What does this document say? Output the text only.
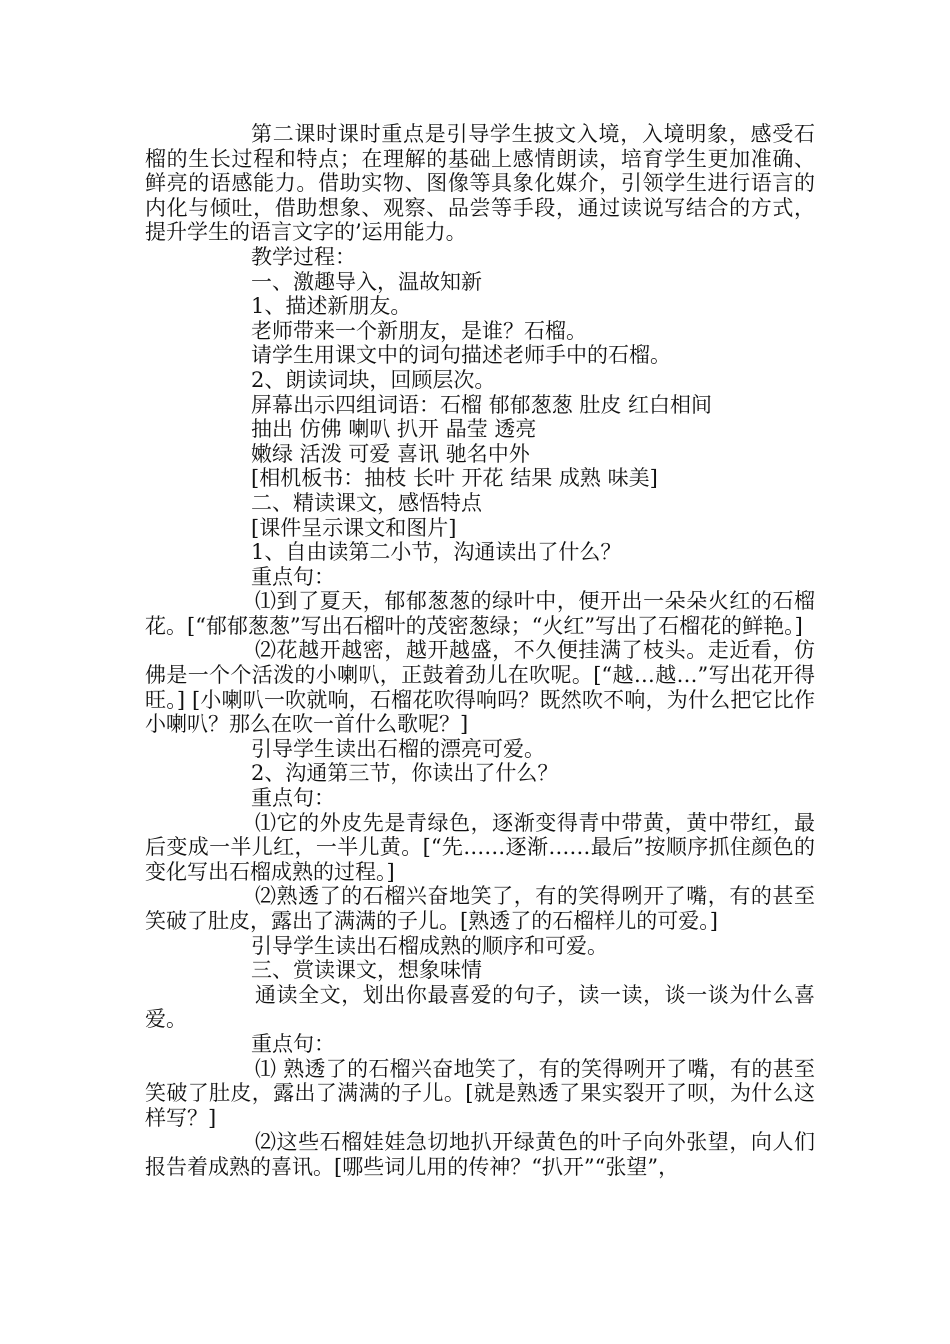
第二课时课时重点是引导学生披文入境，入境明象，感受石榴的生长过程和特点；在理解的基础上感情朗读，培育学生更加准确、鲜亮的语感能力。借助实物、图像等具象化媒介，引领学生进行语言的内化与倾吐，借助想象、观察、品尝等手段，通过读说写结合的方式，提升学生的语言文字的’运用能力。

教学过程：

一、激趣导入，温故知新

1、描述新朋友。

老师带来一个新朋友，是谁？石榴。

请学生用课文中的词句描述老师手中的石榴。

2、朗读词块，回顾层次。

屏幕出示四组词语：石榴 郁郁葱葱 肚皮 红白相间

抽出 仿佛 喇叭 扒开 晶莹 透亮

嫩绿 活泼 可爱 喜讯 驰名中外

[相机板书：抽枝 长叶 开花 结果 成熟 味美]

二、精读课文，感悟特点

[课件呈示课文和图片]

1、自由读第二小节，沟通读出了什么？

重点句：

⑴到了夏天，郁郁葱葱的绿叶中，便开出一朵朵火红的石榴花。[“郁郁葱葱”写出石榴叶的茂密葱绿；“火红”写出了石榴花的鲜艳。]

⑵花越开越密，越开越盛，不久便挂满了枝头。走近看，仿佛是一个个活泼的小喇叭，正鼓着劲儿在吹呢。[“越…越…”写出花开得旺。] [小喇叭一吹就响，石榴花吹得响吗？既然吹不响，为什么把它比作小喇叭？那么在吹一首什么歌呢？]

引导学生读出石榴的漂亮可爱。

2、沟通第三节，你读出了什么？

重点句：

⑴它的外皮先是青绿色，逐渐变得青中带黄，黄中带红，最后变成一半儿红，一半儿黄。[“先……逐渐……最后”按顺序抓住颜色的变化写出石榴成熟的过程。]

⑵熟透了的石榴兴奋地笑了，有的笑得咧开了嘴，有的甚至笑破了肚皮，露出了满满的子儿。[熟透了的石榴样儿的可爱。]

引导学生读出石榴成熟的顺序和可爱。

三、赏读课文，想象味情

通读全文，划出你最喜爱的句子，读一读，谈一谈为什么喜爱。

重点句：

⑴ 熟透了的石榴兴奋地笑了，有的笑得咧开了嘴，有的甚至笑破了肚皮，露出了满满的子儿。[就是熟透了果实裂开了呗，为什么这样写？]

⑵这些石榴娃娃急切地扒开绿黄色的叶子向外张望，向人们报告着成熟的喜讯。[哪些词儿用的传神？“扒开”“张望”，
